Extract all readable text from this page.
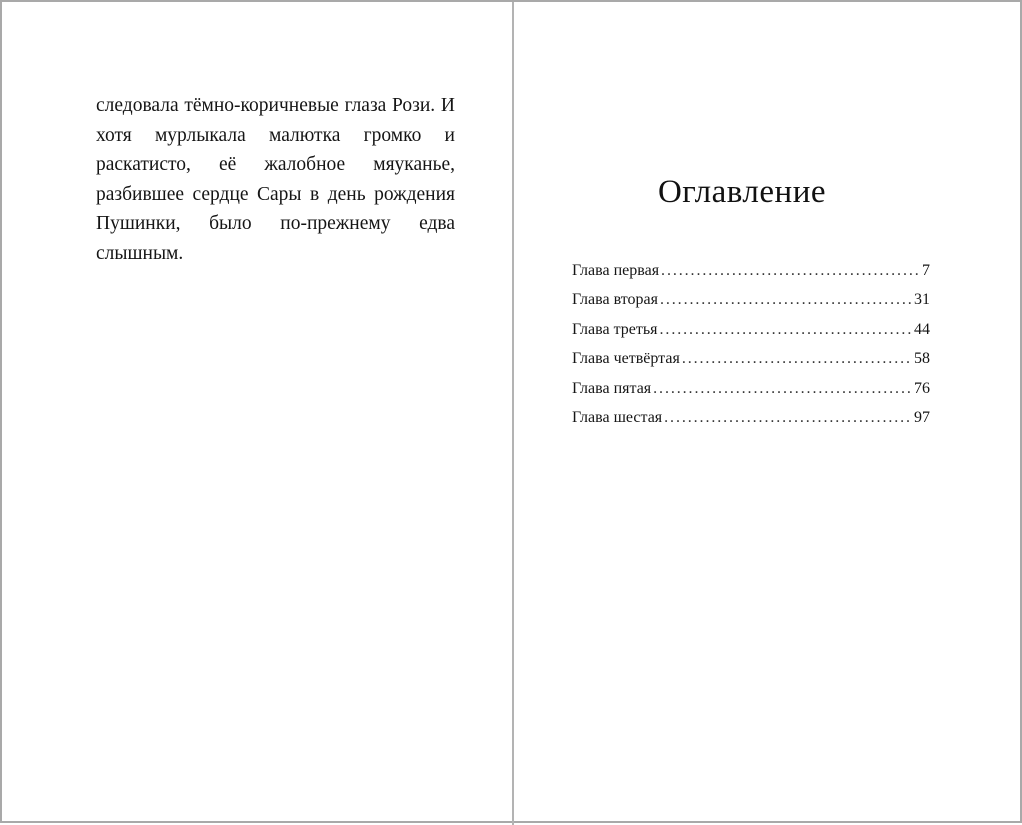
следовала тёмно-коричневые глаза Рози. И хотя мурлыкала малютка громко и раскатисто, её жалобное мяуканье, разбившее сердце Сары в день рождения Пушинки, было по-прежнему едва слышным.

Оглавление
Глава первая .....	7
Глава вторая .....	31
Глава третья .....	44
Глава четвёртая .....	58
Глава пятая .....	76
Глава шестая .....	97
